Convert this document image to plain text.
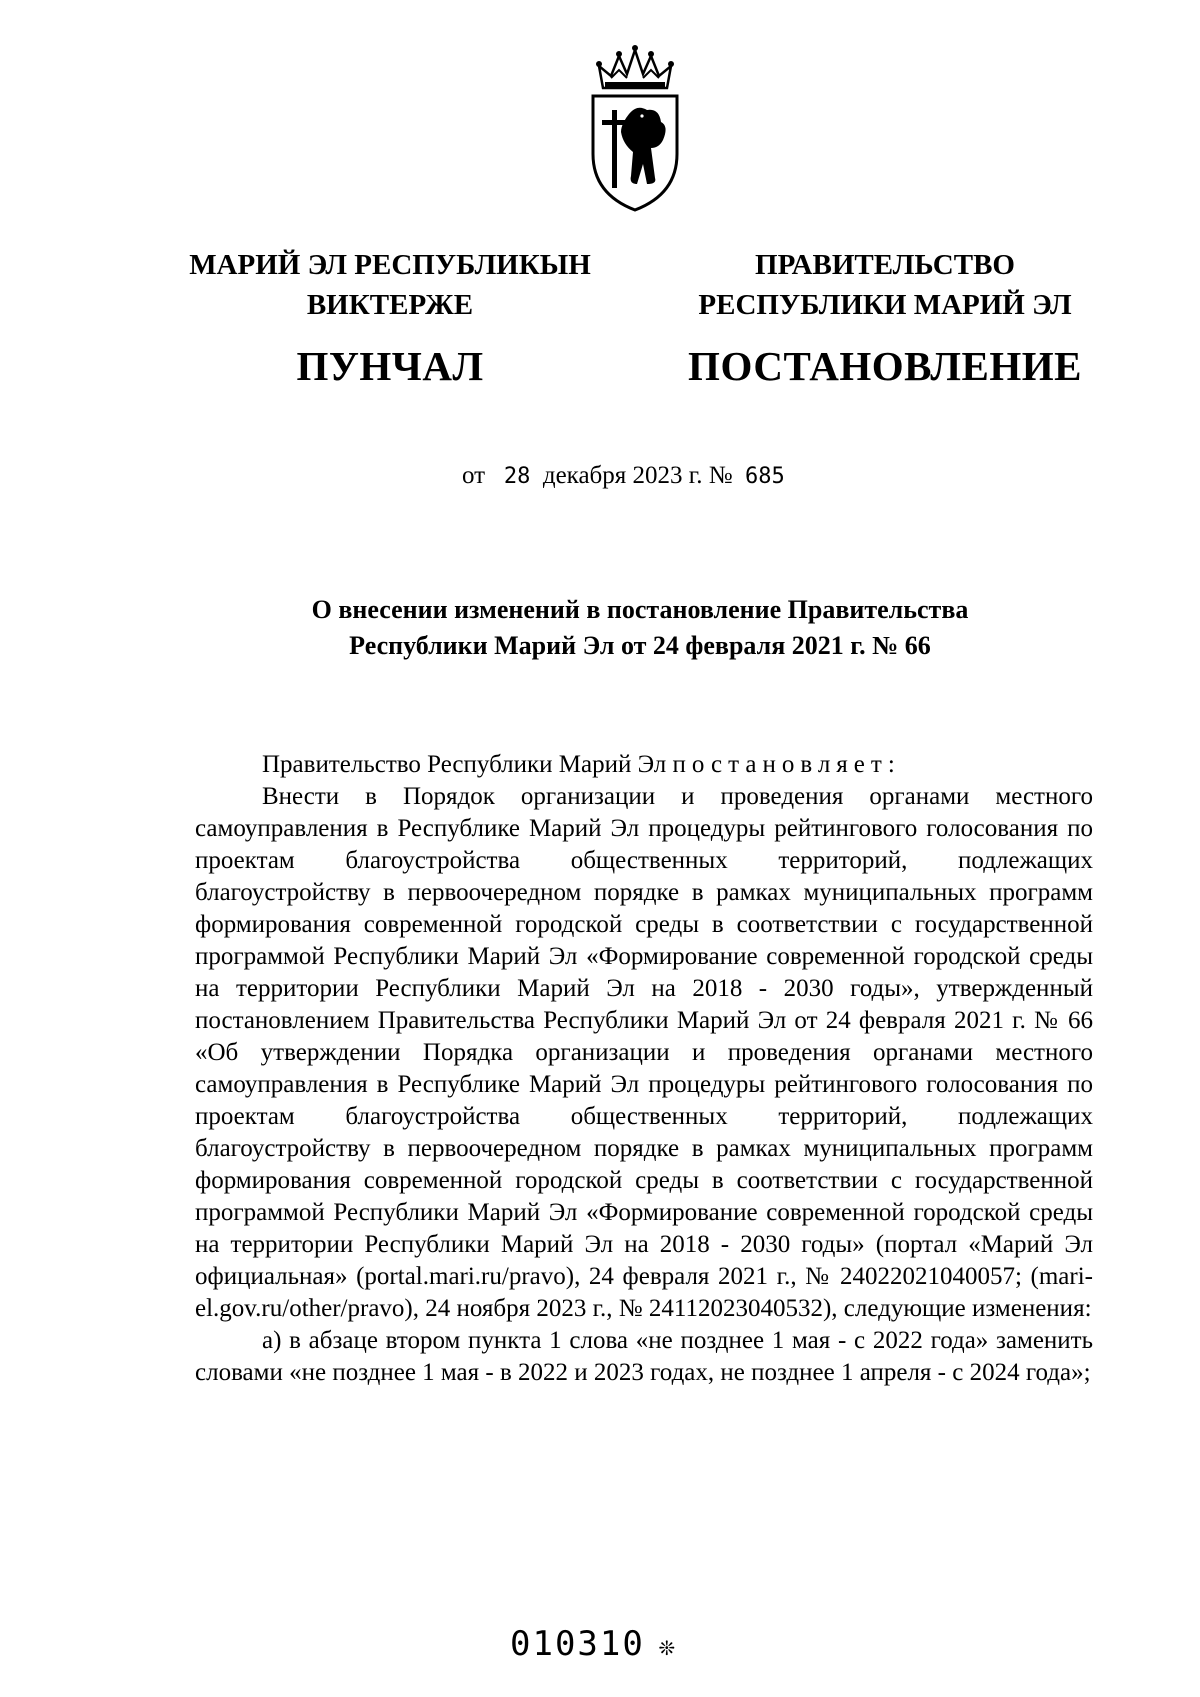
МАРИЙ ЭЛ РЕСПУБЛИКЫН
ВИКТЕРЖЕ
ПУНЧАЛ
ПРАВИТЕЛЬСТВО
РЕСПУБЛИКИ МАРИЙ ЭЛ
ПОСТАНОВЛЕНИЕ
от 28 декабря 2023 г. № 685
О внесении изменений в постановление Правительства
Республики Марий Эл от 24 февраля 2021 г. № 66

Правительство Республики Марий Эл постановляет:

Внести в Порядок организации и проведения органами местного самоуправления в Республике Марий Эл процедуры рейтингового голосования по проектам благоустройства общественных территорий, подлежащих благоустройству в первоочередном порядке в рамках муниципальных программ формирования современной городской среды в соответствии с государственной программой Республики Марий Эл «Формирование современной городской среды на территории Республики Марий Эл на 2018 - 2030 годы», утвержденный постановлением Правительства Республики Марий Эл от 24 февраля 2021 г. № 66 «Об утверждении Порядка организации и проведения органами местного самоуправления в Республике Марий Эл процедуры рейтингового голосования по проектам благоустройства общественных территорий, подлежащих благоустройству в первоочередном порядке в рамках муниципальных программ формирования современной городской среды в соответствии с государственной программой Республики Марий Эл «Формирование современной городской среды на территории Республики Марий Эл на 2018 - 2030 годы» (портал «Марий Эл официальная» (portal.mari.ru/pravo), 24 февраля 2021 г., № 24022021040057; (mari-el.gov.ru/other/pravo), 24 ноября 2023 г., № 24112023040532), следующие изменения:

а) в абзаце втором пункта 1 слова «не позднее 1 мая - с 2022 года» заменить словами «не позднее 1 мая - в 2022 и 2023 годах, не позднее 1 апреля - с 2024 года»;

010310 ❊
